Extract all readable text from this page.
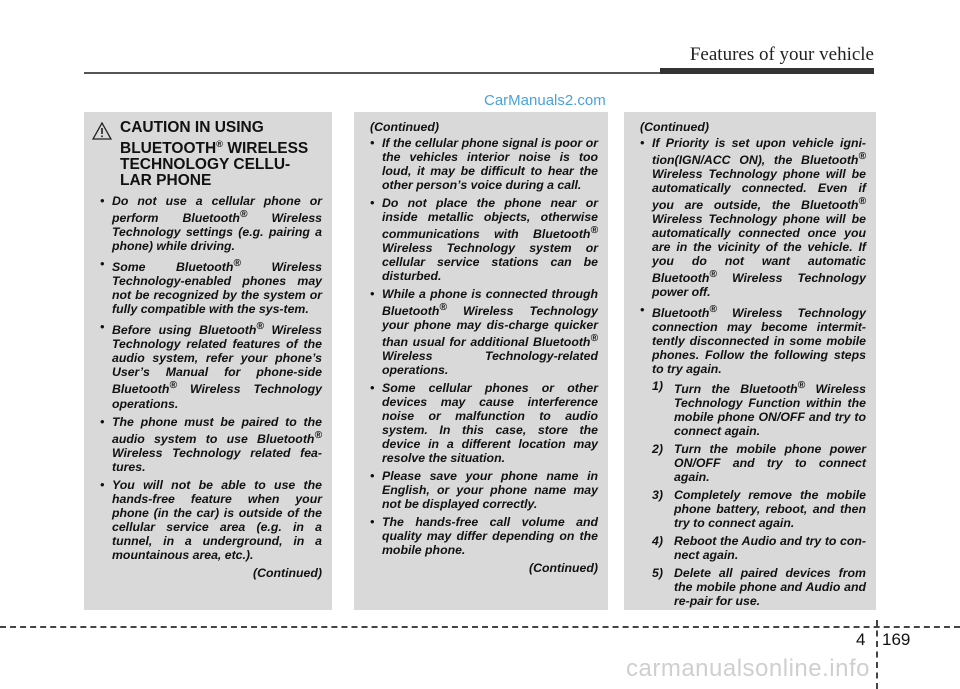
Features of your vehicle
CarManuals2.com
CAUTION IN USING
BLUETOOTH® WIRELESS
TECHNOLOGY CELLU-
LAR PHONE
• Do not use a cellular phone or perform Bluetooth® Wireless Technology settings (e.g. pairing a phone) while driving.
• Some Bluetooth® Wireless Technology-enabled phones may not be recognized by the system or fully compatible with the sys-tem.
• Before using Bluetooth® Wireless Technology related features of the audio system, refer your phone’s User’s Manual for phone-side Bluetooth® Wireless Technology operations.
• The phone must be paired to the audio system to use Bluetooth® Wireless Technology related fea-tures.
• You will not be able to use the hands-free feature when your phone (in the car) is outside of the cellular service area (e.g. in a tunnel, in a underground, in a mountainous area, etc.).
(Continued)
(Continued)
• If the cellular phone signal is poor or the vehicles interior noise is too loud, it may be difficult to hear the other person’s voice during a call.
• Do not place the phone near or inside metallic objects, otherwise communications with Bluetooth® Wireless Technology system or cellular service stations can be disturbed.
• While a phone is connected through Bluetooth® Wireless Technology your phone may dis-charge quicker than usual for additional Bluetooth® Wireless Technology-related operations.
• Some cellular phones or other devices may cause interference noise or malfunction to audio system. In this case, store the device in a different location may resolve the situation.
• Please save your phone name in English, or your phone name may not be displayed correctly.
• The hands-free call volume and quality may differ depending on the mobile phone.
(Continued)
(Continued)
• If Priority is set upon vehicle igni-tion(IGN/ACC ON), the Bluetooth® Wireless Technology phone will be automatically connected. Even if you are outside, the Bluetooth® Wireless Technology phone will be automatically connected once you are in the vicinity of the vehicle. If you do not want automatic Bluetooth® Wireless Technology power off.
• Bluetooth® Wireless Technology connection may become intermit-tently disconnected in some mobile phones. Follow the following steps to try again.
1) Turn the Bluetooth® Wireless Technology Function within the mobile phone ON/OFF and try to connect again.
2) Turn the mobile phone power ON/OFF and try to connect again.
3) Completely remove the mobile phone battery, reboot, and then try to connect again.
4) Reboot the Audio and try to con-nect again.
5) Delete all paired devices from the mobile phone and Audio and re-pair for use.
4 169
carmanualsonline.info
